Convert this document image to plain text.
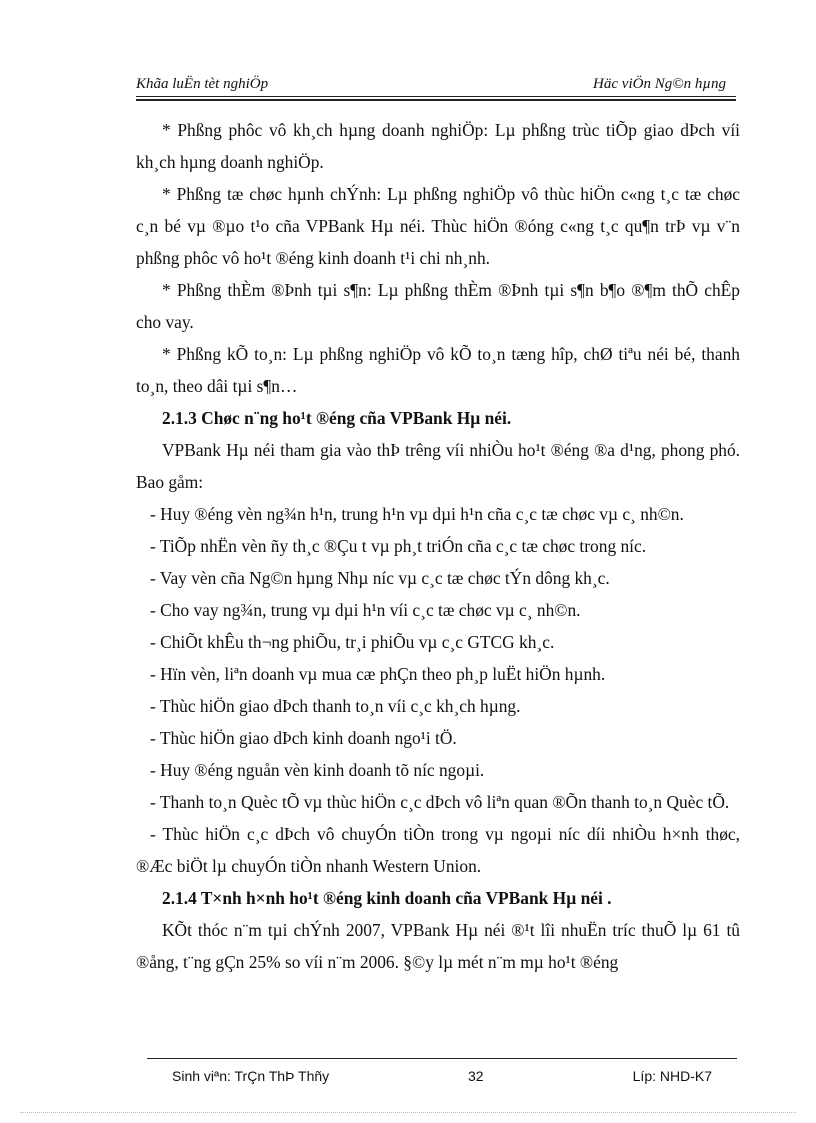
Khãa luËn tèt nghiÖp	Häc viÖn Ng©n hµng

* Phßng phôc vô kh¸ch hµng doanh nghiÖp: Lµ phßng trùc tiÕp giao dÞch víi kh¸ch hµng doanh nghiÖp.

* Phßng tæ chøc hµnh chÝnh: Lµ phßng nghiÖp vô thùc hiÖn c«ng t¸c tæ chøc c¸n bé vµ ®µo t¹o cña VPBank Hµ néi. Thùc hiÖn ®óng c«ng t¸c qu¶n trÞ vµ v¨n phßng phôc vô ho¹t ®éng kinh doanh t¹i chi nh¸nh.

* Phßng thÈm ®Þnh tµi s¶n: Lµ phßng thÈm ®Þnh tµi s¶n b¶o ®¶m thÕ chÊp cho vay.

* Phßng kÕ to¸n: Lµ phßng nghiÖp vô kÕ to¸n tæng hîp, chØ tiªu néi bé, thanh to¸n, theo dâi tµi s¶n…

2.1.3 Chøc n¨ng ho¹t ®éng cña VPBank Hµ néi.

VPBank Hµ néi tham gia vào thÞ trêng víi nhiÒu ho¹t ®éng ®a d¹ng, phong phó. Bao gåm:

- Huy ®éng vèn ng¾n h¹n, trung h¹n vµ dµi h¹n cña c¸c tæ chøc vµ c¸ nh©n.

- TiÕp nhËn vèn ñy th¸c ®Çu t vµ ph¸t triÓn cña c¸c tæ chøc trong níc.

- Vay vèn cña Ng©n hµng Nhµ níc vµ c¸c tæ chøc tÝn dông kh¸c.

- Cho vay ng¾n, trung vµ dµi h¹n víi c¸c tæ chøc vµ c¸ nh©n.

- ChiÕt khÊu th¬ng phiÕu, tr¸i phiÕu vµ c¸c GTCG kh¸c.

- Hïn vèn, liªn doanh vµ mua cæ phÇn theo ph¸p luËt hiÖn hµnh.

- Thùc hiÖn giao dÞch thanh to¸n víi c¸c kh¸ch hµng.

- Thùc hiÖn giao dÞch kinh doanh ngo¹i tÖ.

- Huy ®éng nguån vèn kinh doanh tõ níc ngoµi.

- Thanh to¸n Quèc tÕ vµ thùc hiÖn c¸c dÞch vô liªn quan ®Õn thanh to¸n Quèc tÕ.

- Thùc hiÖn c¸c dÞch vô chuyÓn tiÒn trong vµ ngoµi níc díi nhiÒu h×nh thøc, ®Æc biÖt lµ chuyÓn tiÒn nhanh Western Union.

2.1.4 T×nh h×nh ho¹t ®éng kinh doanh cña VPBank Hµ néi .

KÕt thóc n¨m tµi chÝnh 2007, VPBank Hµ néi ®¹t lîi nhuËn tríc thuÕ lµ 61 tû ®ång, t¨ng gÇn 25% so víi n¨m 2006. §©y lµ mét n¨m mµ ho¹t ®éng

Sinh viªn: TrÇn ThÞ Thñy	32	Líp: NHD-K7
